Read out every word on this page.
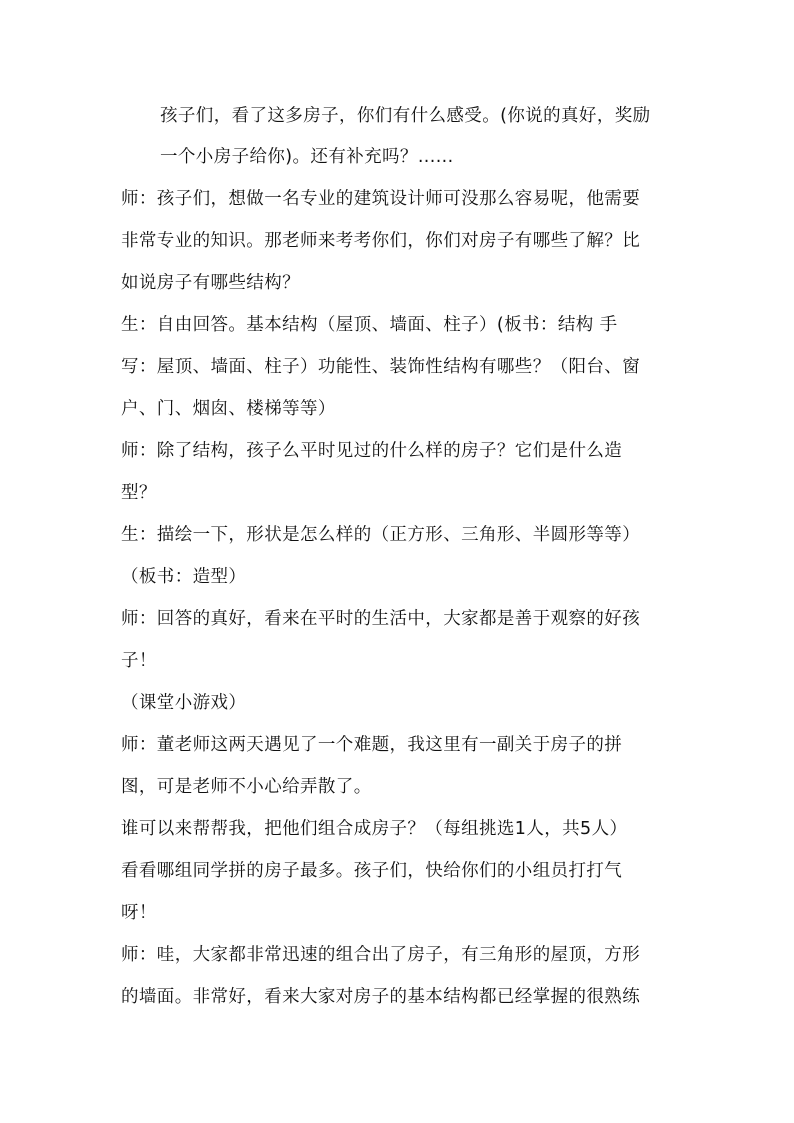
孩子们，看了这多房子，你们有什么感受。(你说的真好，奖励
一个小房子给你)。还有补充吗？......
师：孩子们，想做一名专业的建筑设计师可没那么容易呢，他需要
非常专业的知识。那老师来考考你们，你们对房子有哪些了解？比
如说房子有哪些结构？
生：自由回答。基本结构（屋顶、墙面、柱子）(板书：结构 手
写：屋顶、墙面、柱子）功能性、装饰性结构有哪些？（阳台、窗
户、门、烟囱、楼梯等等）
师：除了结构，孩子么平时见过的什么样的房子？它们是什么造
型？
生：描绘一下，形状是怎么样的（正方形、三角形、半圆形等等）
（板书：造型）
师：回答的真好，看来在平时的生活中，大家都是善于观察的好孩
子！
（课堂小游戏）
师：董老师这两天遇见了一个难题，我这里有一副关于房子的拼
图，可是老师不小心给弄散了。
谁可以来帮帮我，把他们组合成房子？（每组挑选1人，共5人）
看看哪组同学拼的房子最多。孩子们，快给你们的小组员打打气
呀！
师：哇，大家都非常迅速的组合出了房子，有三角形的屋顶，方形
的墙面。非常好，看来大家对房子的基本结构都已经掌握的很熟练
